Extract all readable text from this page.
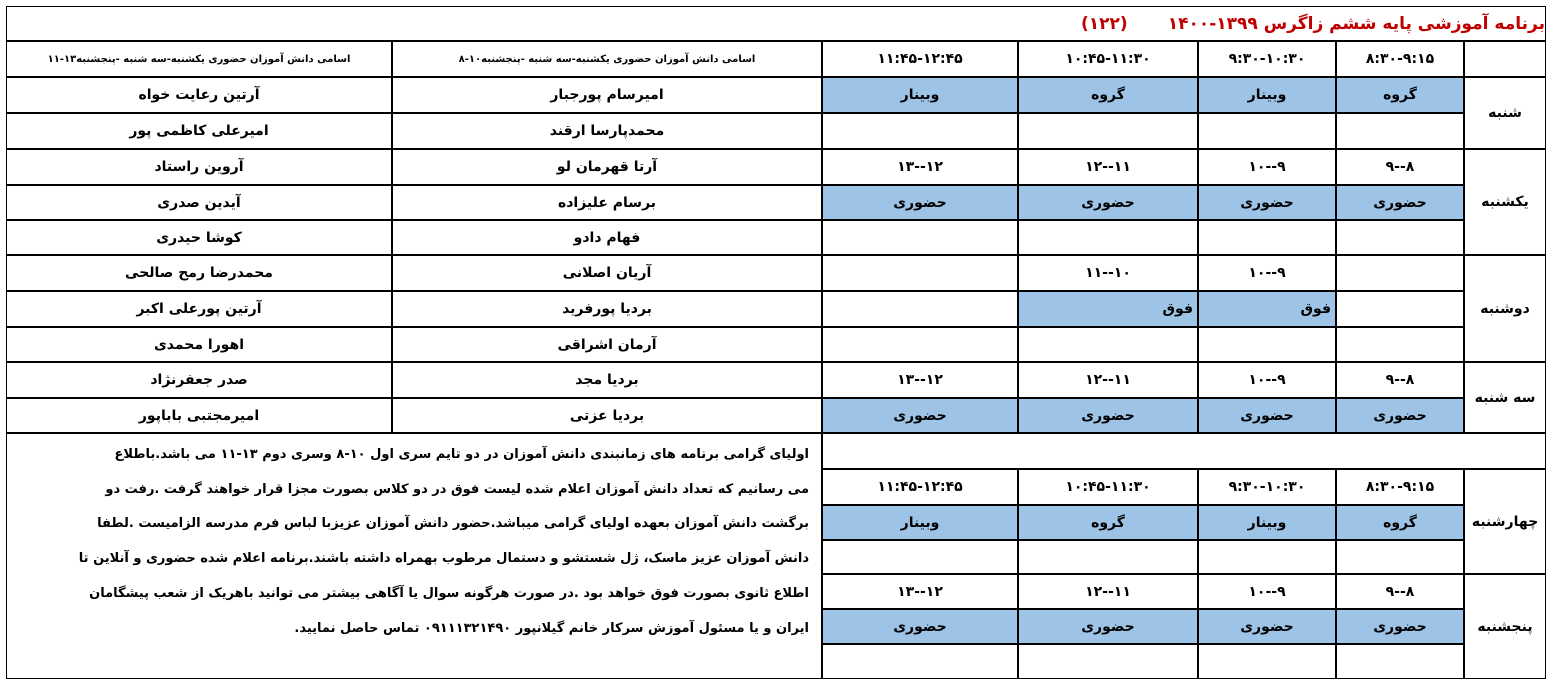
برنامه آموزشی پایه ششم زاگرس ۱۳۹۹-۱۴۰۰
(۱۲۲)
۸:۳۰-۹:۱۵
۹:۳۰-۱۰:۳۰
۱۰:۴۵-۱۱:۳۰
۱۱:۴۵-۱۲:۴۵
اسامی دانش آموزان حضوری یکشنبه-سه شنبه -پنجشنبه۱۰-۸
اسامی دانش آموزان حضوری یکشنبه-سه شنبه -پنجشنبه۱۳-۱۱
شنبه
یکشنبه
دوشنبه
سه شنبه
چهارشنبه
پنجشنبه
گروه
وبینار
گروه
وبینار
۹--۸
۱۰--۹
۱۲--۱۱
۱۳--۱۲
حضوری
حضوری
حضوری
حضوری
۱۰--۹
۱۱--۱۰
فوق
فوق
۹--۸
۱۰--۹
۱۲--۱۱
۱۳--۱۲
حضوری
حضوری
حضوری
حضوری
۸:۳۰-۹:۱۵
۹:۳۰-۱۰:۳۰
۱۰:۴۵-۱۱:۳۰
۱۱:۴۵-۱۲:۴۵
گروه
وبینار
گروه
وبینار
۹--۸
۱۰--۹
۱۲--۱۱
۱۳--۱۲
حضوری
حضوری
حضوری
حضوری
امیرسام پورجبار
محمدپارسا ارقند
آرتا قهرمان لو
برسام علیزاده
فهام دادو
آریان اصلانی
بردیا پورفرید
آرمان اشراقی
بردیا مجد
بردیا عزتی
آرتین رعایت خواه
امیرعلی کاظمی پور
آروین راستاد
آیدین صدری
کوشا حیدری
محمدرضا رمح صالحی
آرتین پورعلی اکبر
اهورا محمدی
صدر جعفرنژاد
امیرمجتبی باباپور

اولیای گرامی برنامه های زمانبندی دانش آموزان در دو تایم سری اول ۱۰-۸ وسری دوم ۱۳-۱۱ می باشد.باطلاع

می رسانیم که تعداد دانش آموزان اعلام شده لیست فوق در دو کلاس بصورت مجزا قرار خواهند گرفت .رفت دو

برگشت دانش آموزان بعهده اولیای گرامی میباشد.حضور دانش آموزان عزیزبا لباس فرم مدرسه الزامیست .لطفا

دانش آموزان عزیز ماسک، ژل شستشو و دستمال مرطوب بهمراه داشته باشند.برنامه اعلام شده حضوری و آنلاین تا

اطلاع ثانوی بصورت فوق خواهد بود .در صورت هرگونه سوال یا آگاهی بیشتر می توانید باهریک از شعب پیشگامان

ایران و یا مسئول آموزش سرکار خانم گیلانپور ۰۹۱۱۱۳۲۱۴۹۰ تماس حاصل نمایید.
